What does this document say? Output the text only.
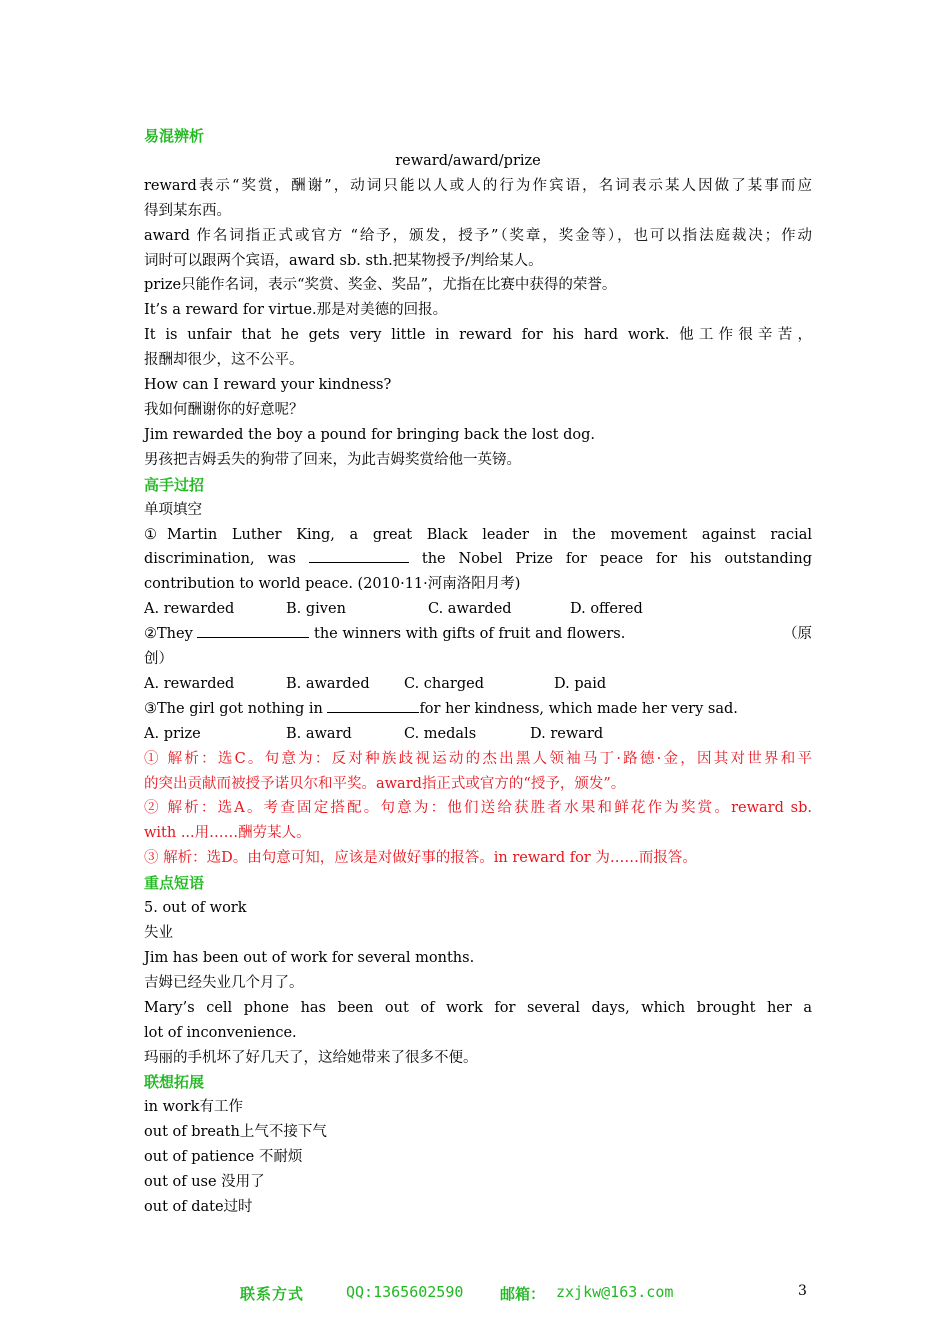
易混辨析

reward/award/prize

reward表示“奖赏，酬谢”，动词只能以人或人的行为作宾语，名词表示某人因做了某事而应

得到某东西。

award 作名词指正式或官方 “给予，颁发，授予”（奖章，奖金等），也可以指法庭裁决；作动

词时可以跟两个宾语，award sb. sth.把某物授予/判给某人。

prize只能作名词，表示“奖赏、奖金、奖品”，尤指在比赛中获得的荣誉。

It’s a reward for virtue.那是对美德的回报。

It is unfair that he gets very little in reward for his hard work. 他工作很辛苦，

报酬却很少，这不公平。

How can I reward your kindness?

我如何酬谢你的好意呢？

Jim rewarded the boy a pound for bringing back the lost dog.

男孩把吉姆丢失的狗带了回来，为此吉姆奖赏给他一英镑。

高手过招

单项填空

①Martin Luther King, a great Black leader in the movement against racial

discrimination, was	the Nobel Prize for peace for his outstanding

contribution to world peace. (2010·11·河南洛阳月考)

A. rewarded	B. given	C. awarded	D. offered

②They	the winners with gifts of fruit and flowers.	（原

创）

A. rewarded	B. awarded	C. charged	D. paid

③The girl got nothing in	for her kindness, which made her very sad.

A. prize	B. award	C. medals	D. reward

① 解析：选C。句意为：反对种族歧视运动的杰出黑人领袖马丁·路德·金，因其对世界和平

的突出贡献而被授予诺贝尔和平奖。award指正式或官方的“授予，颁发”。

② 解析：选A。考查固定搭配。句意为：他们送给获胜者水果和鲜花作为奖赏。reward sb.

with ...用……酬劳某人。

③ 解析：选D。由句意可知，应该是对做好事的报答。in reward for 为……而报答。

重点短语

5. out of work

失业

Jim has been out of work for several months.

吉姆已经失业几个月了。

Mary’s cell phone has been out of work for several days, which brought her a

lot of inconvenience.

玛丽的手机坏了好几天了，这给她带来了很多不便。

联想拓展

in work有工作

out of breath上气不接下气

out of patience 不耐烦

out of use 没用了

out of date过时

联系方式	QQ:1365602590 邮箱： zxjkw@163.com	3
